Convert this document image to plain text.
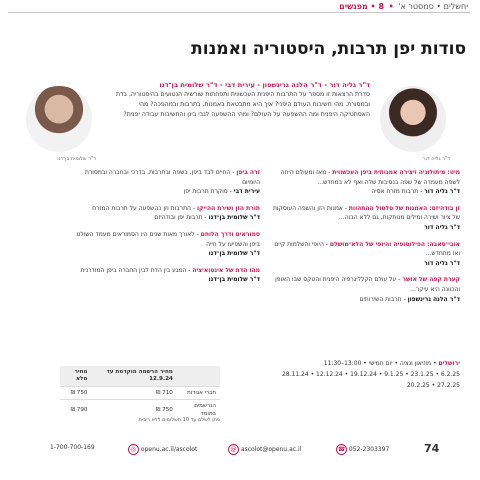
יחשלים • סמסטר א' • 8 • מפגשים
סודות יפן תרבות, היסטוריה ואמנות
ד"ר שלומית בן־דנו	ד"ר גליה דור
ד"ר גליה דור - ד"ר הלנה גרינשפון - עירית דבי - ד"ר שלומית בן־דנו
סדרת הרצאות זו מספר על התרבות היפנית העכשווית ותפחתות שורשיה הנטועים בהיסטוריה, בדת ובמסורת. מהי חשיבות העולם היפני? איך היא מתבטאת באמנות, בתרבות ובמהפכה? מהי האסתטיקה היפנית ומה ההשפעה על העולם? ומהי ההשפעה לגבי בינן והחשיבות עבודה יפנית?
מיט: מיתולוגיה ויצירה אמנותית ביפן העכשווית - מאז ומעולם היתה לשפה מעמדה של שפה בנסיבות שלה ואף לא במחדש...
ד"ר גליה דור - תרבות מזרח אסיה
זן בודהיזם: האמנות של סלסול ההתהוות - אמנות הזן והשפה העוסקות של ציור ושירה ומילים מנותקות, גם ללא הבוה...
ד"ר גליה דור
אובי־סאבה: הפילוסופיה והיופי של הלא־מושלם - היופי והשלמות קיים ואו מתחדש...
ד"ר גליה דור
קערת קפה של אושר - על עולם הקלליגרפיה היפנית והטקס שבו האופן והכוונה היא עיקר...
ד"ר הלנה גרינשפון - תרבות השירותים
זרה ביפן - החיים לבד ביפן, בשפה ובתרבות, בדרכי ובחברה ובמסורת היומיום
עירית דבי - סוקרת תרבות יפן
תורת הזן ושירת ההייקו - התרבות וזן כהשפעה על תרבות המזרח
ד"ר שלומית בן־דנו - תרבות יפן ובודהיזם
סמוראים ודרך הלוחם - לאורך מאות שנים היו הסמוראים מעמד השולט ביפן והשפיעו על חייה
ד"ר שלומית בן־דנו
מהו הדת של אינטואיציה - המגע בין הדת לבין החברה ביפן המודרנית
ד"ר שלומית בן־דנו
ירושלים • מוזיאון ונציה • יום חמישי • 13:00–11:30
6.2.25 • 23.1.25 • 9.1.25 • 19.12.24 • 12.12.24 • 28.11.24
27.2.25 • 20.2.25
	מחיר הרשמה מוקדמת עד 12.9.24	מחיר מלא
חברי אגודות	710 ₪	750 ₪
הנרשמים במוסד	750 ₪	790 ₪
ניתן לשלם עד 10 תשלומים ללא ריבית
☎ 052-2303397
@ ascolot@openu.ac.il
◎ openu.ac.il/ascolot
1-700-700-169	74
